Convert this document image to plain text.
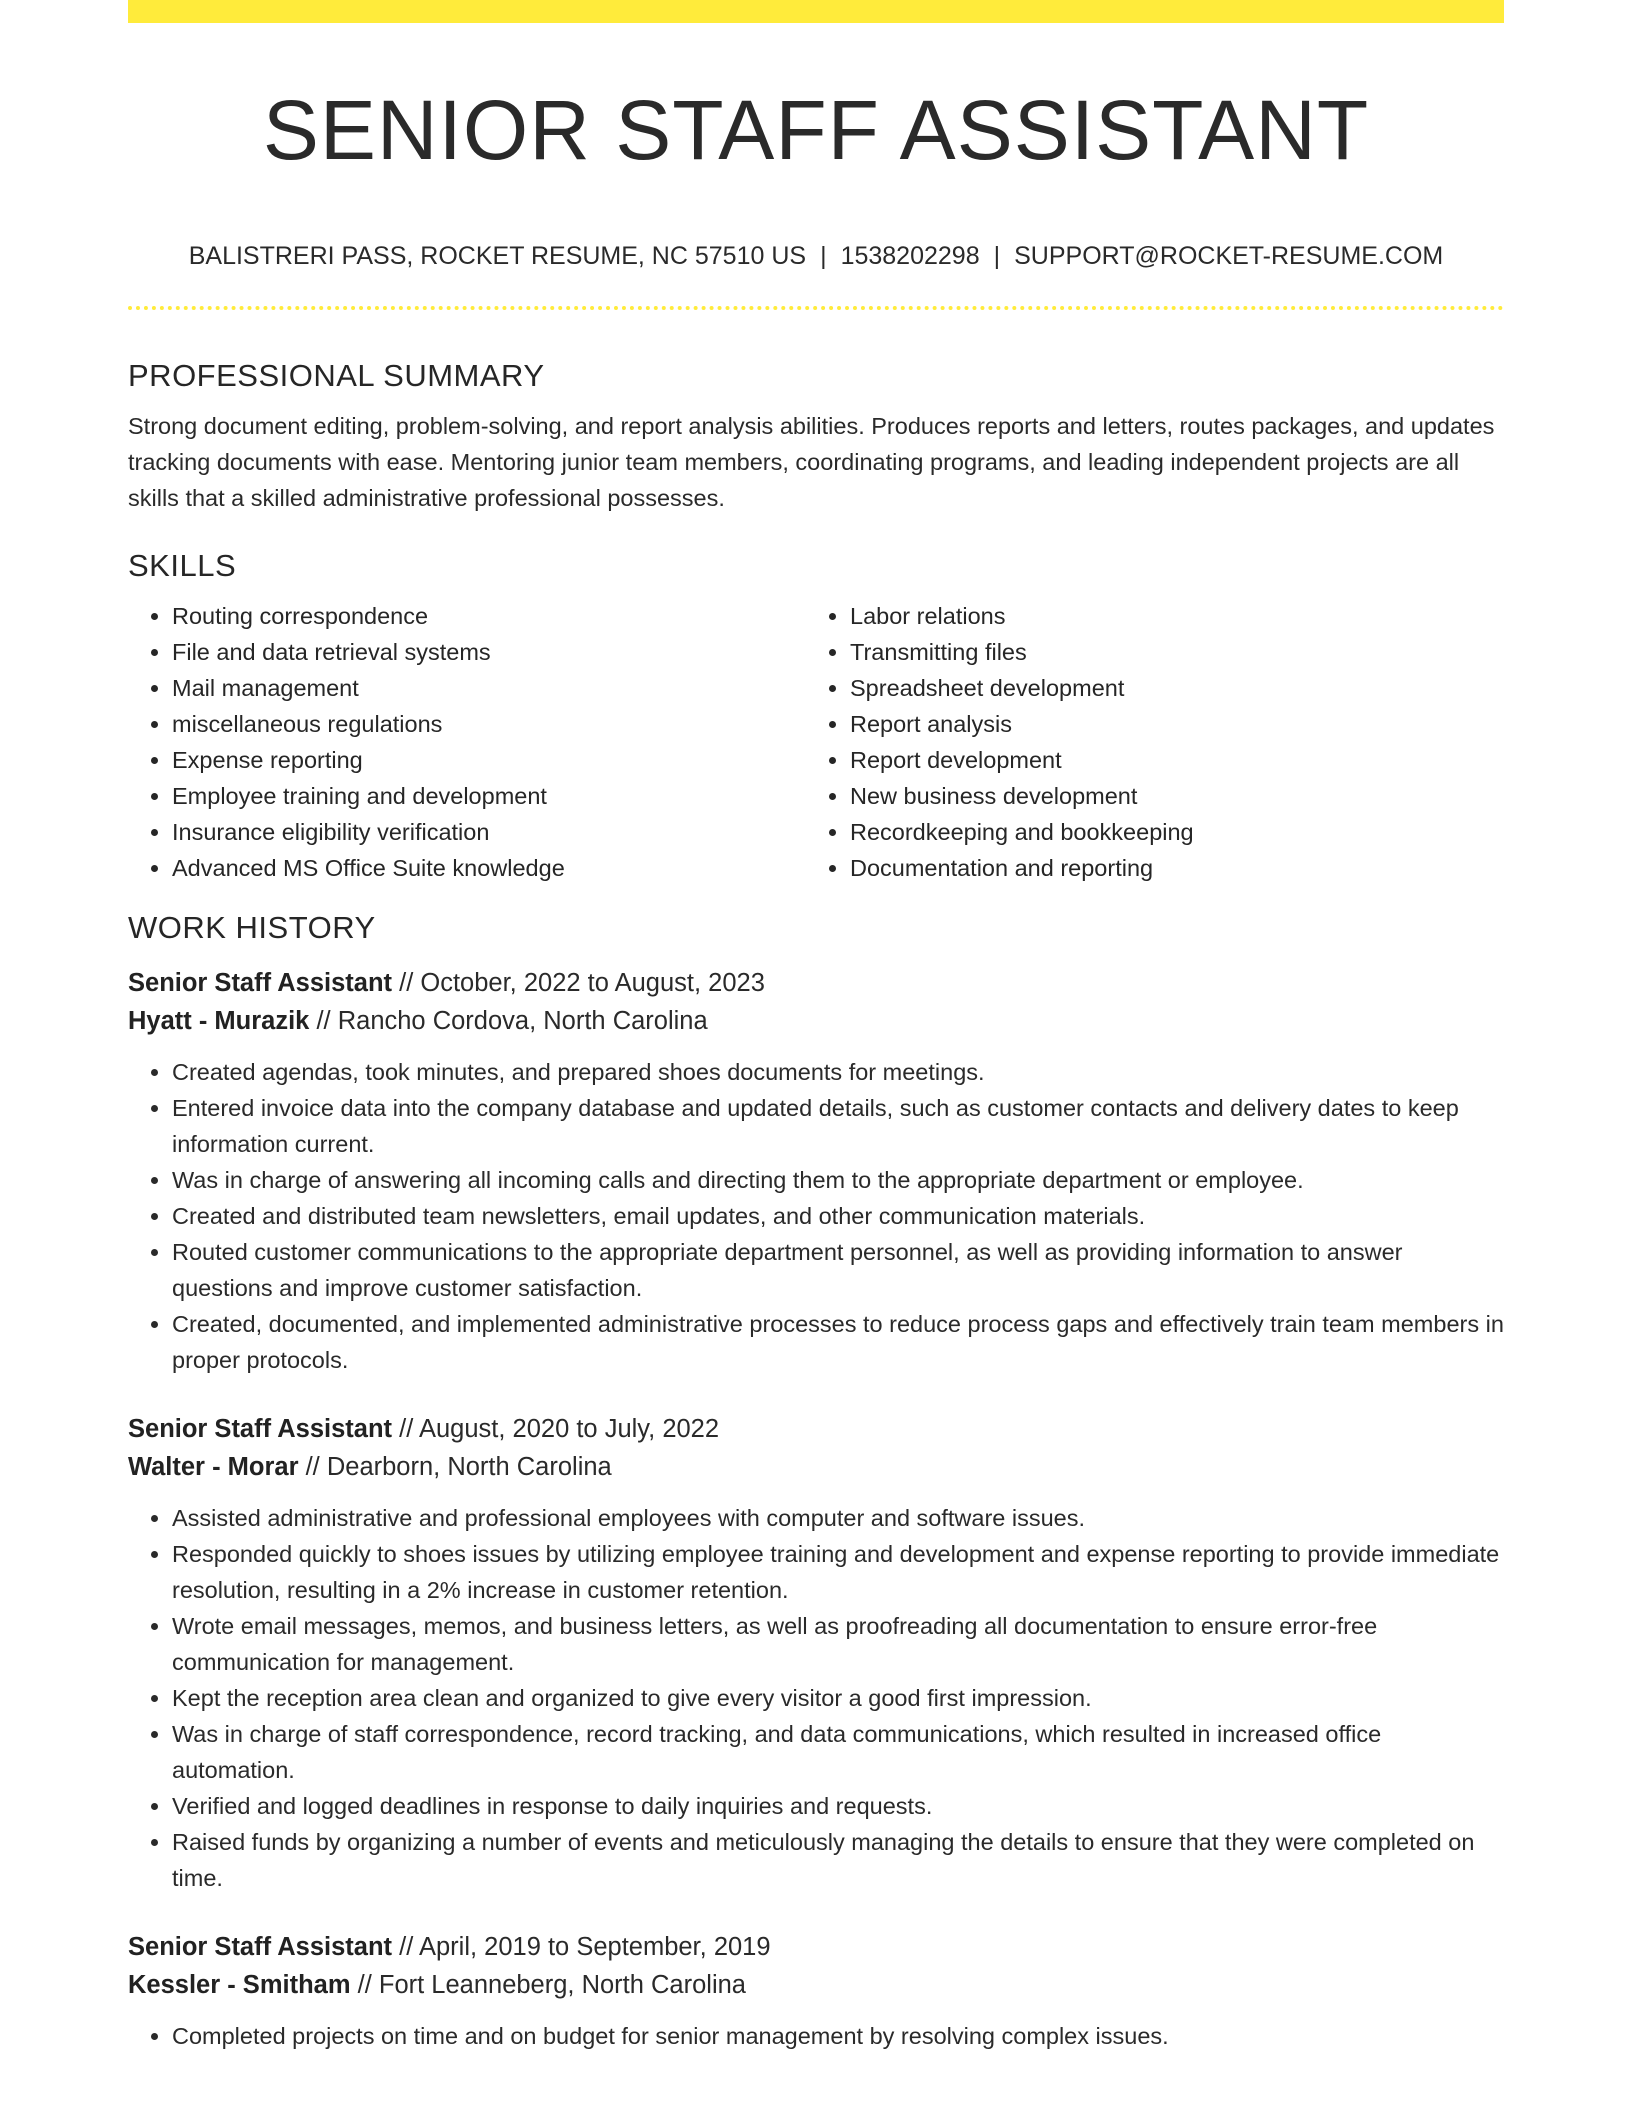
SENIOR STAFF ASSISTANT
BALISTRERI PASS, ROCKET RESUME, NC 57510 US | 1538202298 | SUPPORT@ROCKET-RESUME.COM
PROFESSIONAL SUMMARY

Strong document editing, problem-solving, and report analysis abilities. Produces reports and letters, routes packages, and updates tracking documents with ease. Mentoring junior team members, coordinating programs, and leading independent projects are all skills that a skilled administrative professional possesses.

SKILLS
• Routing correspondence
• File and data retrieval systems
• Mail management
• miscellaneous regulations
• Expense reporting
• Employee training and development
• Insurance eligibility verification
• Advanced MS Office Suite knowledge
• Labor relations
• Transmitting files
• Spreadsheet development
• Report analysis
• Report development
• New business development
• Recordkeeping and bookkeeping
• Documentation and reporting
WORK HISTORY
Senior Staff Assistant // October, 2022 to August, 2023
Hyatt - Murazik // Rancho Cordova, North Carolina
• Created agendas, took minutes, and prepared shoes documents for meetings.
• Entered invoice data into the company database and updated details, such as customer contacts and delivery dates to keep information current.
• Was in charge of answering all incoming calls and directing them to the appropriate department or employee.
• Created and distributed team newsletters, email updates, and other communication materials.
• Routed customer communications to the appropriate department personnel, as well as providing information to answer questions and improve customer satisfaction.
• Created, documented, and implemented administrative processes to reduce process gaps and effectively train team members in proper protocols.
Senior Staff Assistant // August, 2020 to July, 2022
Walter - Morar // Dearborn, North Carolina
• Assisted administrative and professional employees with computer and software issues.
• Responded quickly to shoes issues by utilizing employee training and development and expense reporting to provide immediate resolution, resulting in a 2% increase in customer retention.
• Wrote email messages, memos, and business letters, as well as proofreading all documentation to ensure error-free communication for management.
• Kept the reception area clean and organized to give every visitor a good first impression.
• Was in charge of staff correspondence, record tracking, and data communications, which resulted in increased office automation.
• Verified and logged deadlines in response to daily inquiries and requests.
• Raised funds by organizing a number of events and meticulously managing the details to ensure that they were completed on time.
Senior Staff Assistant // April, 2019 to September, 2019
Kessler - Smitham // Fort Leanneberg, North Carolina
• Completed projects on time and on budget for senior management by resolving complex issues.
